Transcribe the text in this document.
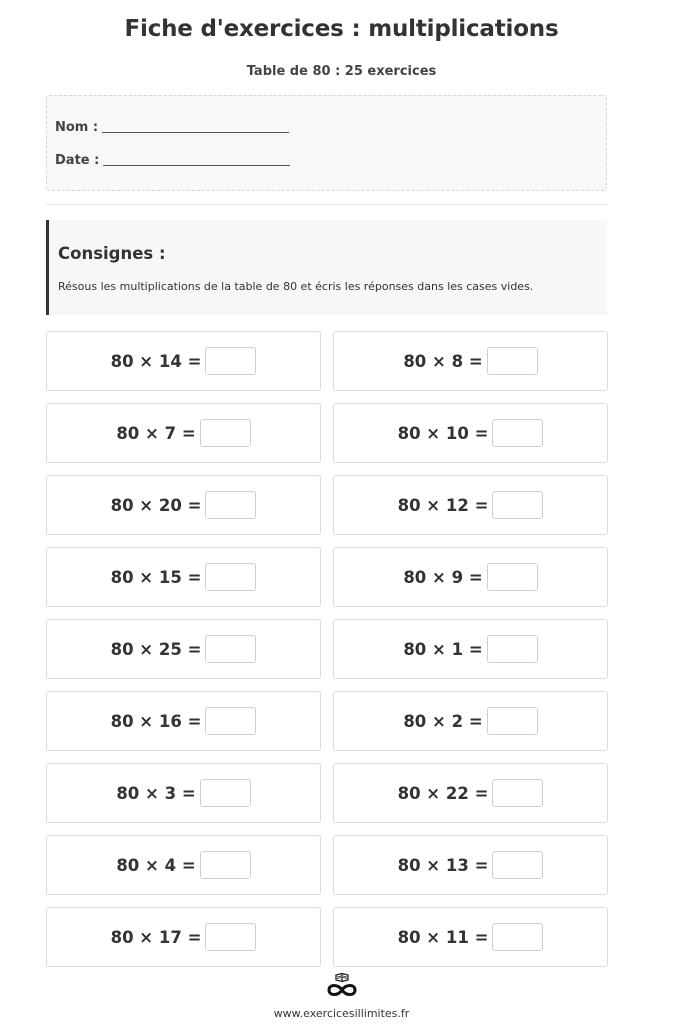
Fiche d'exercices : multiplications
Table de 80 : 25 exercices
Nom :
Date :
Consignes :
Résous les multiplications de la table de 80 et écris les réponses dans les cases vides.
80 × 14 =	80 × 8 =
80 × 7 =	80 × 10 =
80 × 20 =	80 × 12 =
80 × 15 =	80 × 9 =
80 × 25 =	80 × 1 =
80 × 16 =	80 × 2 =
80 × 3 =	80 × 22 =
80 × 4 =	80 × 13 =
80 × 17 =	80 × 11 =
www.exercicesillimites.fr
